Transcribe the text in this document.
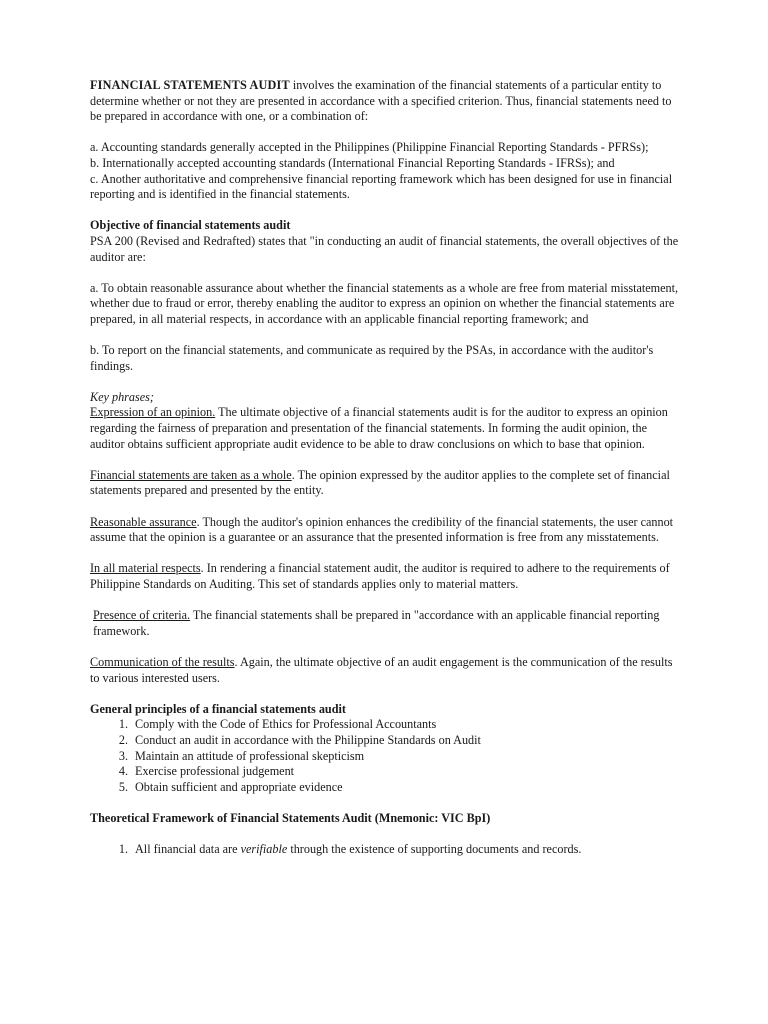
FINANCIAL STATEMENTS AUDIT involves the examination of the financial statements of a particular entity to determine whether or not they are presented in accordance with a specified criterion. Thus, financial statements need to be prepared in accordance with one, or a combination of:

a. Accounting standards generally accepted in the Philippines (Philippine Financial Reporting Standards - PFRSs);

b. Internationally accepted accounting standards (International Financial Reporting Standards - IFRSs); and

c. Another authoritative and comprehensive financial reporting framework which has been designed for use in financial reporting and is identified in the financial statements.

Objective of financial statements audit

PSA 200 (Revised and Redrafted) states that "in conducting an audit of financial statements, the overall objectives of the auditor are:

a. To obtain reasonable assurance about whether the financial statements as a whole are free from material misstatement, whether due to fraud or error, thereby enabling the auditor to express an opinion on whether the financial statements are prepared, in all material respects, in accordance with an applicable financial reporting framework; and

b. To report on the financial statements, and communicate as required by the PSAs, in accordance with the auditor's findings.

Key phrases;

Expression of an opinion. The ultimate objective of a financial statements audit is for the auditor to express an opinion regarding the fairness of preparation and presentation of the financial statements. In forming the audit opinion, the auditor obtains sufficient appropriate audit evidence to be able to draw conclusions on which to base that opinion.

Financial statements are taken as a whole. The opinion expressed by the auditor applies to the complete set of financial statements prepared and presented by the entity.

Reasonable assurance. Though the auditor's opinion enhances the credibility of the financial statements, the user cannot assume that the opinion is a guarantee or an assurance that the presented information is free from any misstatements.

In all material respects. In rendering a financial statement audit, the auditor is required to adhere to the requirements of Philippine Standards on Auditing. This set of standards applies only to material matters.

Presence of criteria. The financial statements shall be prepared in "accordance with an applicable financial reporting framework.

Communication of the results. Again, the ultimate objective of an audit engagement is the communication of the results to various interested users.

General principles of a financial statements audit

1. Comply with the Code of Ethics for Professional Accountants
2. Conduct an audit in accordance with the Philippine Standards on Audit
3. Maintain an attitude of professional skepticism
4. Exercise professional judgement
5. Obtain sufficient and appropriate evidence

Theoretical Framework of Financial Statements Audit (Mnemonic: VIC BpI)

1. All financial data are verifiable through the existence of supporting documents and records.
